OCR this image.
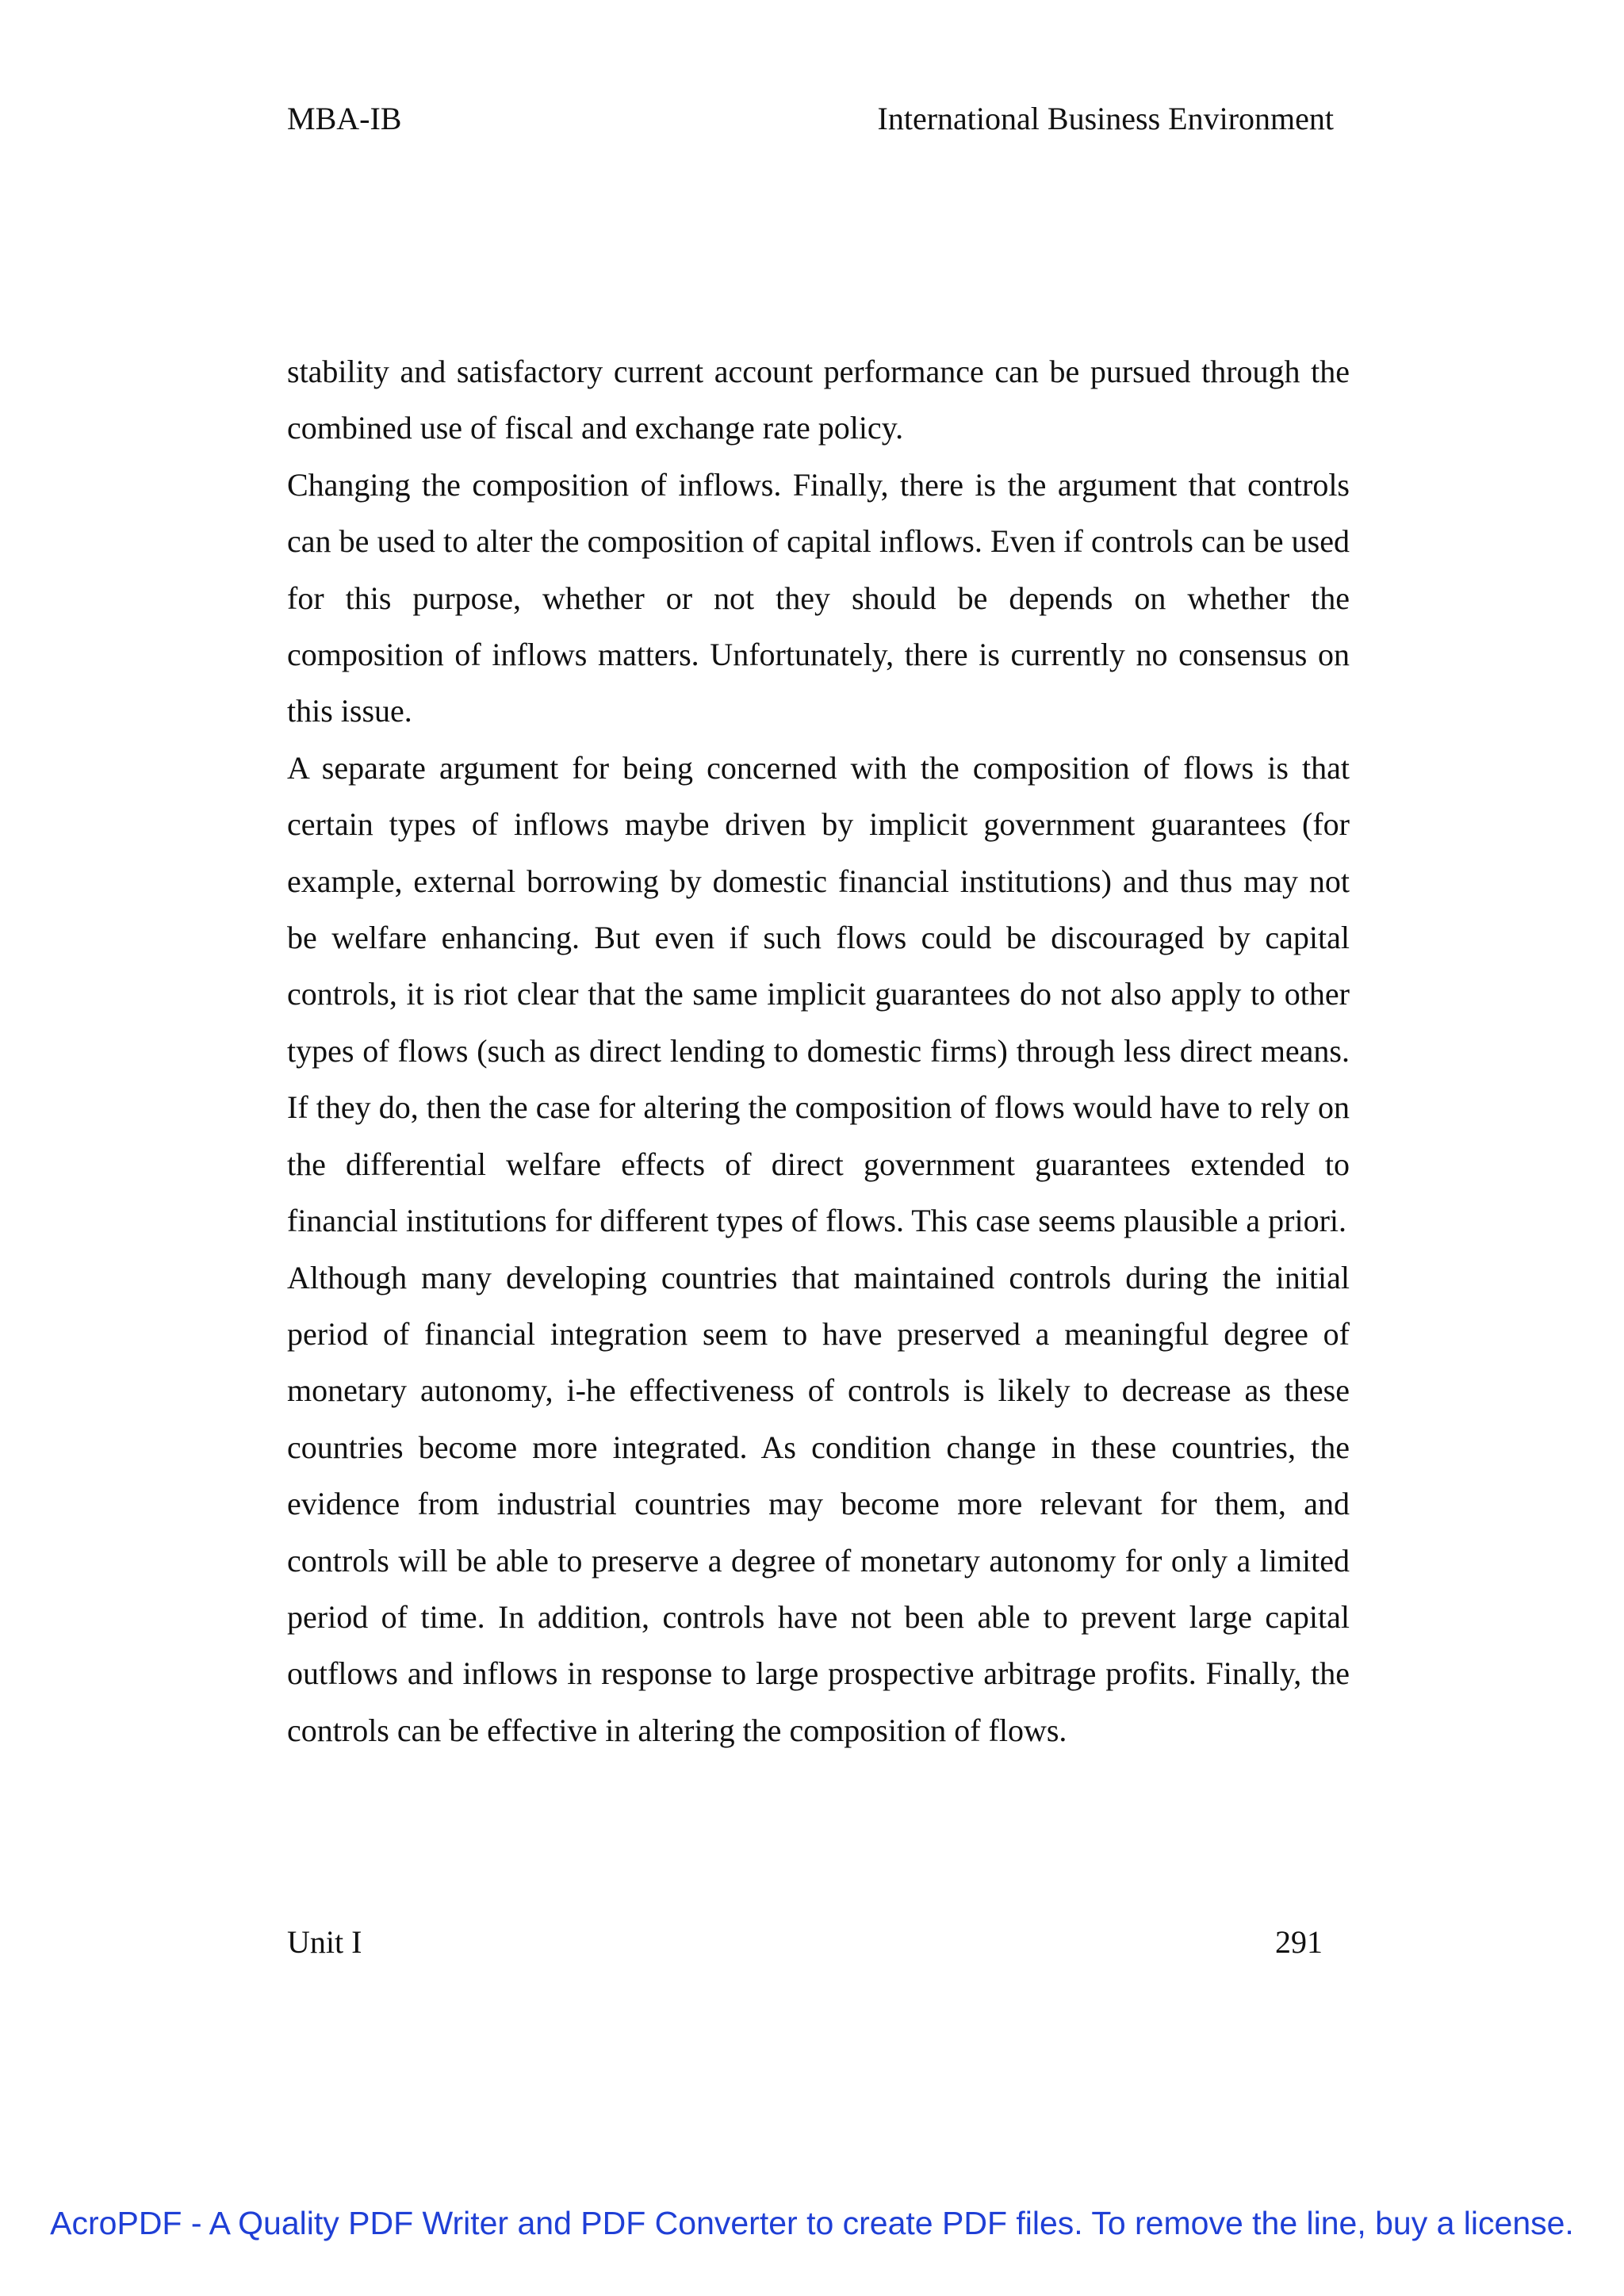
MBA-IB	International Business Environment

stability and satisfactory current account performance can be pursued through the combined use of fiscal and exchange rate policy.

Changing the composition of inflows. Finally, there is the argument that controls can be used to alter the composition of capital inflows. Even if controls can be used for this purpose, whether or not they should be depends on whether the composition of inflows matters. Unfortunately, there is currently no consensus on this issue.

A separate argument for being concerned with the composition of flows is that certain types of inflows maybe driven by implicit government guarantees (for example, external borrowing by domestic financial institutions) and thus may not be welfare enhancing. But even if such flows could be discouraged by capital controls, it is riot clear that the same implicit guarantees do not also apply to other types of flows (such as direct lending to domestic firms) through less direct means. If they do, then the case for altering the composition of flows would have to rely on the differential welfare effects of direct government guarantees extended to financial institutions for different types of flows. This case seems plausible a priori.

Although many developing countries that maintained controls during the initial period of financial integration seem to have preserved a meaningful degree of monetary autonomy, i-he effectiveness of controls is likely to decrease as these countries become more integrated. As condition change in these countries, the evidence from industrial countries may become more relevant for them, and controls will be able to preserve a degree of monetary autonomy for only a limited period of time. In addition, controls have not been able to prevent large capital outflows and inflows in response to large prospective arbitrage profits. Finally, the controls can be effective in altering the composition of flows.

Unit I	291
AcroPDF - A Quality PDF Writer and PDF Converter to create PDF files. To remove the line, buy a license.
